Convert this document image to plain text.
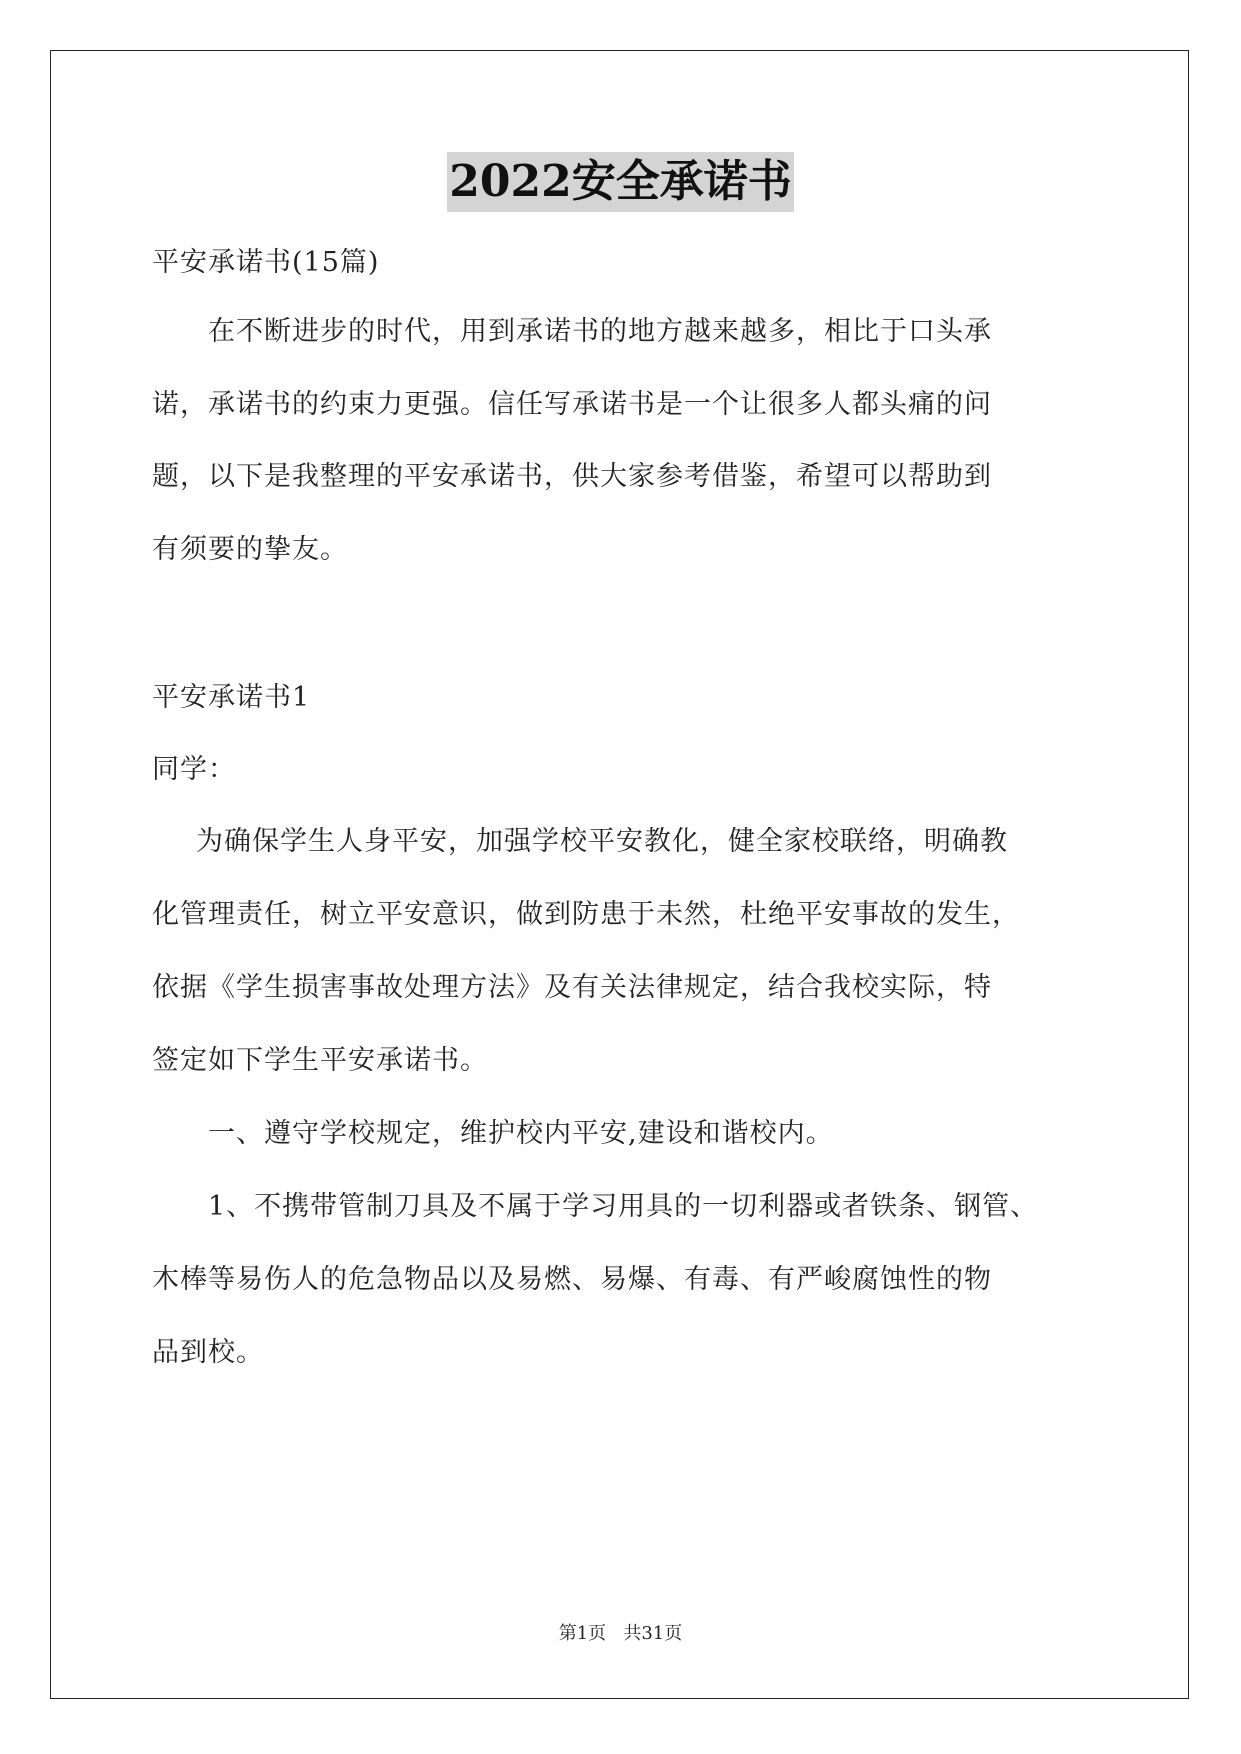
2022安全承诺书
平安承诺书(15篇)
在不断进步的时代，用到承诺书的地方越来越多，相比于口头承
诺，承诺书的约束力更强。信任写承诺书是一个让很多人都头痛的问
题，以下是我整理的平安承诺书，供大家参考借鉴，希望可以帮助到
有须要的挚友。
平安承诺书1
同学：
为确保学生人身平安，加强学校平安教化，健全家校联络，明确教
化管理责任，树立平安意识，做到防患于未然，杜绝平安事故的发生，
依据《学生损害事故处理方法》及有关法律规定，结合我校实际，特
签定如下学生平安承诺书。
一、遵守学校规定，维护校内平安,建设和谐校内。
1、不携带管制刀具及不属于学习用具的一切利器或者铁条、钢管、
木棒等易伤人的危急物品以及易燃、易爆、有毒、有严峻腐蚀性的物
品到校。
第1页 共31页
